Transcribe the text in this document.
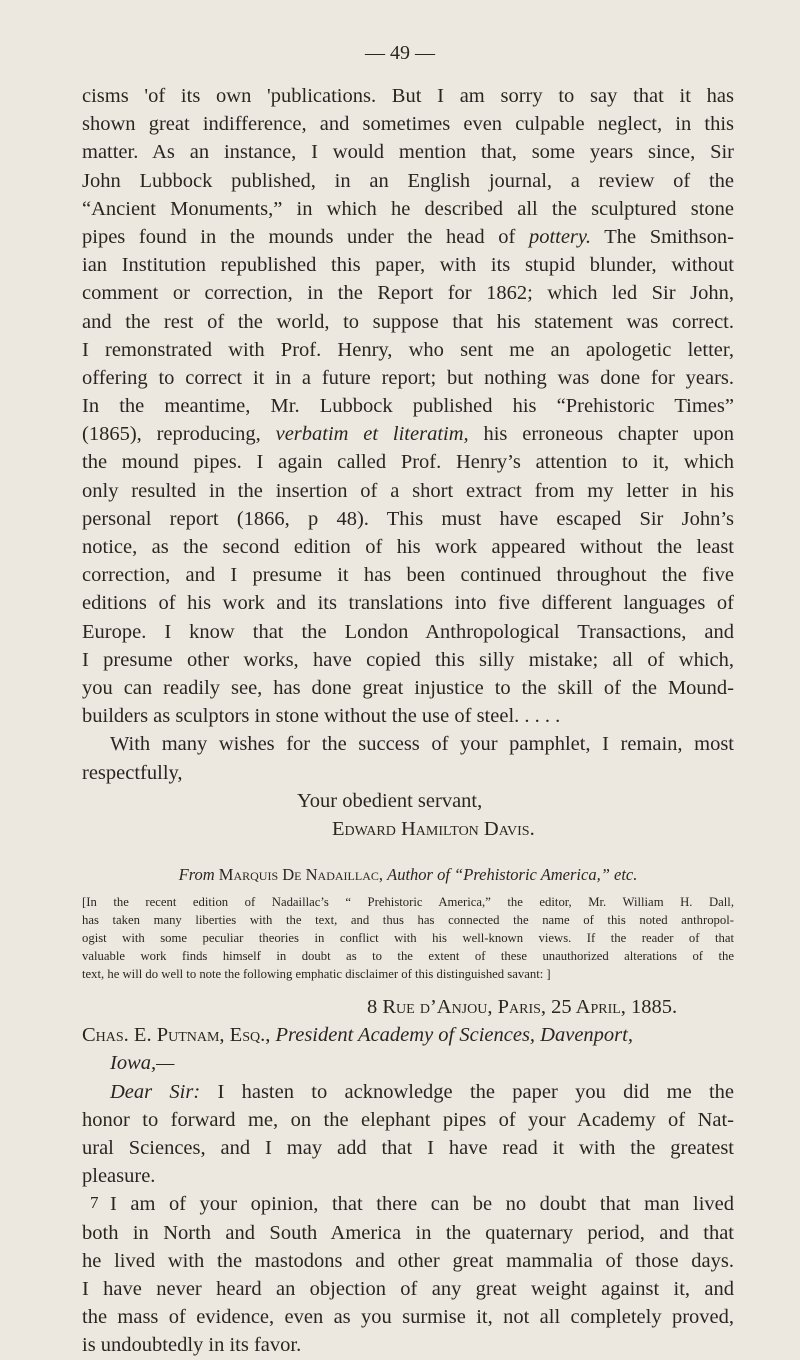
— 49 —
cisms 'of its own 'publications. But I am sorry to say that it has
shown great indifference, and sometimes even culpable neglect, in this
matter. As an instance, I would mention that, some years since, Sir
John Lubbock published, in an English journal, a review of the
“Ancient Monuments,” in which he described all the sculptured stone
pipes found in the mounds under the head of pottery. The Smithson-
ian Institution republished this paper, with its stupid blunder, without
comment or correction, in the Report for 1862; which led Sir John,
and the rest of the world, to suppose that his statement was correct.
I remonstrated with Prof. Henry, who sent me an apologetic letter,
offering to correct it in a future report; but nothing was done for years.
In the meantime, Mr. Lubbock published his “Prehistoric Times”
(1865), reproducing, verbatim et literatim, his erroneous chapter upon
the mound pipes. I again called Prof. Henry’s attention to it, which
only resulted in the insertion of a short extract from my letter in his
personal report (1866, p 48). This must have escaped Sir John’s
notice, as the second edition of his work appeared without the least
correction, and I presume it has been continued throughout the five
editions of his work and its translations into five different languages of
Europe. I know that the London Anthropological Transactions, and
I presume other works, have copied this silly mistake; all of which,
you can readily see, has done great injustice to the skill of the Mound-
builders as sculptors in stone without the use of steel. . . . .
With many wishes for the success of your pamphlet, I remain, most
respectfully,
Your obedient servant,
Edward Hamilton Davis.
From Marquis De Nadaillac, Author of “Prehistoric America,” etc.
[In the recent edition of Nadaillac’s “ Prehistoric America,” the editor, Mr. William H. Dall,
has taken many liberties with the text, and thus has connected the name of this noted anthropol-
ogist with some peculiar theories in conflict with his well-known views. If the reader of that
valuable work finds himself in doubt as to the extent of these unauthorized alterations of the
text, he will do well to note the following emphatic disclaimer of this distinguished savant: ]
8 Rue d’Anjou, Paris, 25 April, 1885.
Chas. E. Putnam, Esq., President Academy of Sciences, Davenport,
Iowa,—
Dear Sir: I hasten to acknowledge the paper you did me the
honor to forward me, on the elephant pipes of your Academy of Nat-
ural Sciences, and I may add that I have read it with the greatest
pleasure.
I am of your opinion, that there can be no doubt that man lived
both in North and South America in the quaternary period, and that
he lived with the mastodons and other great mammalia of those days.
I have never heard an objection of any great weight against it, and
the mass of evidence, even as you surmise it, not all completely proved,
is undoubtedly in its favor.
7
